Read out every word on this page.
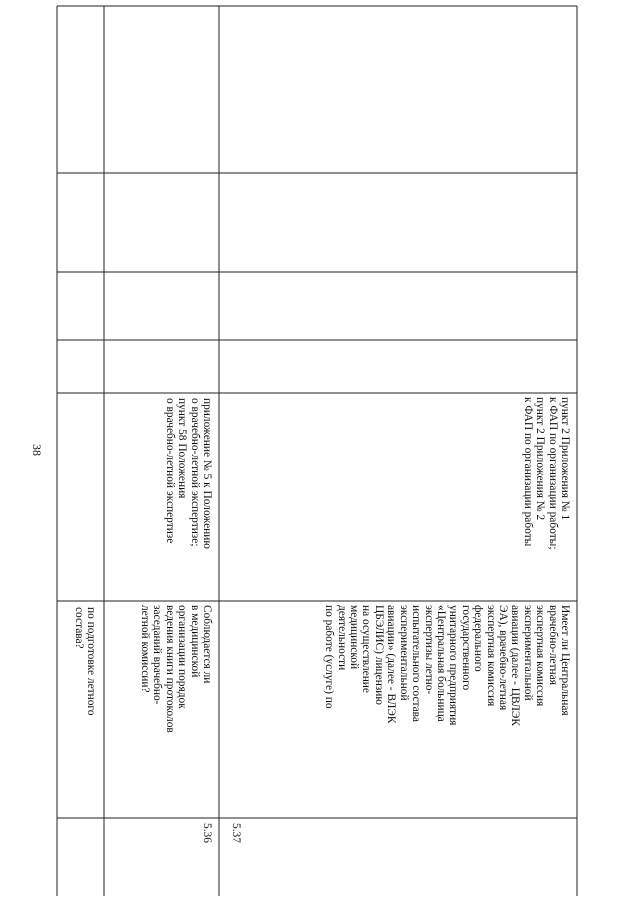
38
по подготовке летного
состава?
5.36
Соблюдается ли
в медицинской
организации порядок
ведения книги протоколов
заседаний врачебно-
летной комиссии?
приложение № 5 к Положению
о врачебно-летной экспертизе;
пункт 58 Положения
о врачебно-летной экспертизе
5.37
Имеет ли Центральная
врачебно-летная
экспертная комиссия
экспериментальной
авиации (далее - ЦВЛЭК
ЭА), врачебно-летная
экспертная комиссия
федерального
государственного
унитарного предприятия
«Центральная больница
экспертизы летно-
испытательного состава
экспериментальной
авиации» (далее - ВЛЭК
ЦБЭЛИС) лицензию
на осуществление
медицинской
деятельности
по работе (услуге) по
пункт 2 Приложения № 1
к ФАП по организации работы;
пункт 2 Приложения № 2
к ФАП по организации работы
